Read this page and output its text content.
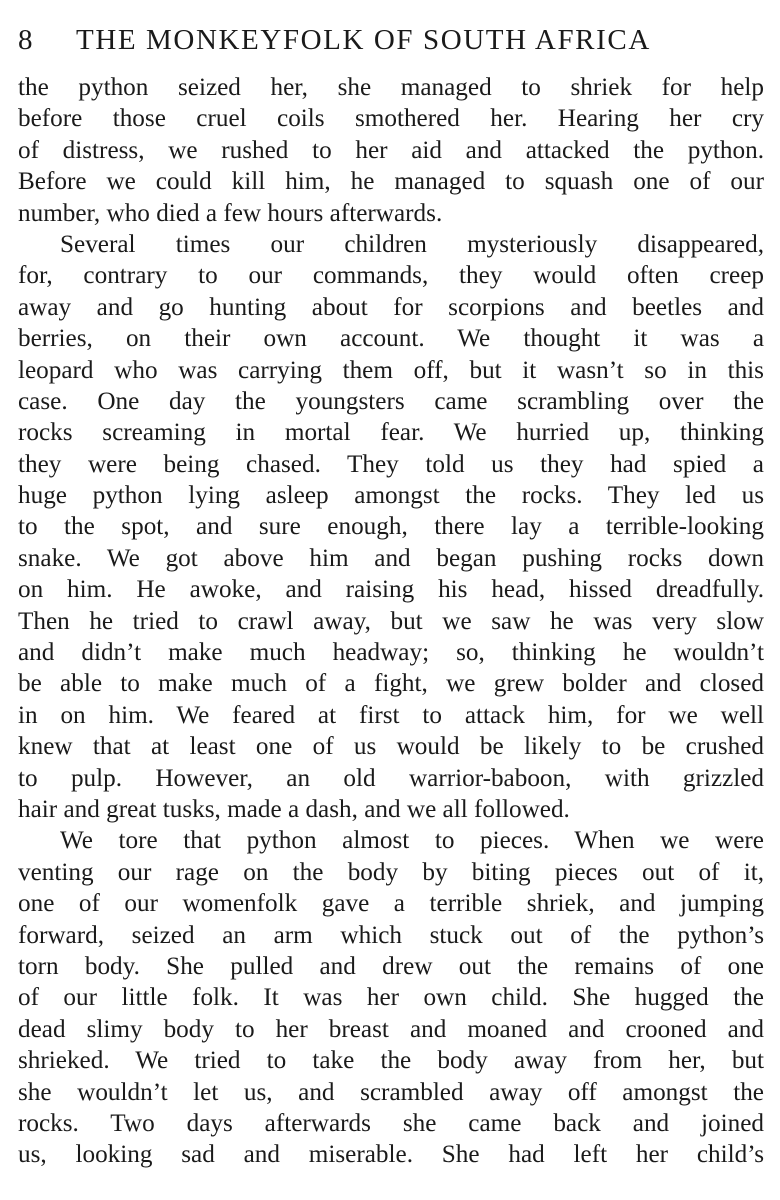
8	THE MONKEYFOLK OF SOUTH AFRICA
the python seized her, she managed to shriek for help
before those cruel coils smothered her. Hearing her cry
of distress, we rushed to her aid and attacked the python.
Before we could kill him, he managed to squash one of our
number, who died a few hours afterwards.
Several times our children mysteriously disappeared,
for, contrary to our commands, they would often creep
away and go hunting about for scorpions and beetles and
berries, on their own account. We thought it was a
leopard who was carrying them off, but it wasn’t so in this
case. One day the youngsters came scrambling over the
rocks screaming in mortal fear. We hurried up, thinking
they were being chased. They told us they had spied a
huge python lying asleep amongst the rocks. They led us
to the spot, and sure enough, there lay a terrible-looking
snake. We got above him and began pushing rocks down
on him. He awoke, and raising his head, hissed dreadfully.
Then he tried to crawl away, but we saw he was very slow
and didn’t make much headway; so, thinking he wouldn’t
be able to make much of a fight, we grew bolder and closed
in on him. We feared at first to attack him, for we well
knew that at least one of us would be likely to be crushed
to pulp. However, an old warrior-baboon, with grizzled
hair and great tusks, made a dash, and we all followed.
We tore that python almost to pieces. When we were
venting our rage on the body by biting pieces out of it,
one of our womenfolk gave a terrible shriek, and jumping
forward, seized an arm which stuck out of the python’s
torn body. She pulled and drew out the remains of one
of our little folk. It was her own child. She hugged the
dead slimy body to her breast and moaned and crooned and
shrieked. We tried to take the body away from her, but
she wouldn’t let us, and scrambled away off amongst the
rocks. Two days afterwards she came back and joined
us, looking sad and miserable. She had left her child’s
